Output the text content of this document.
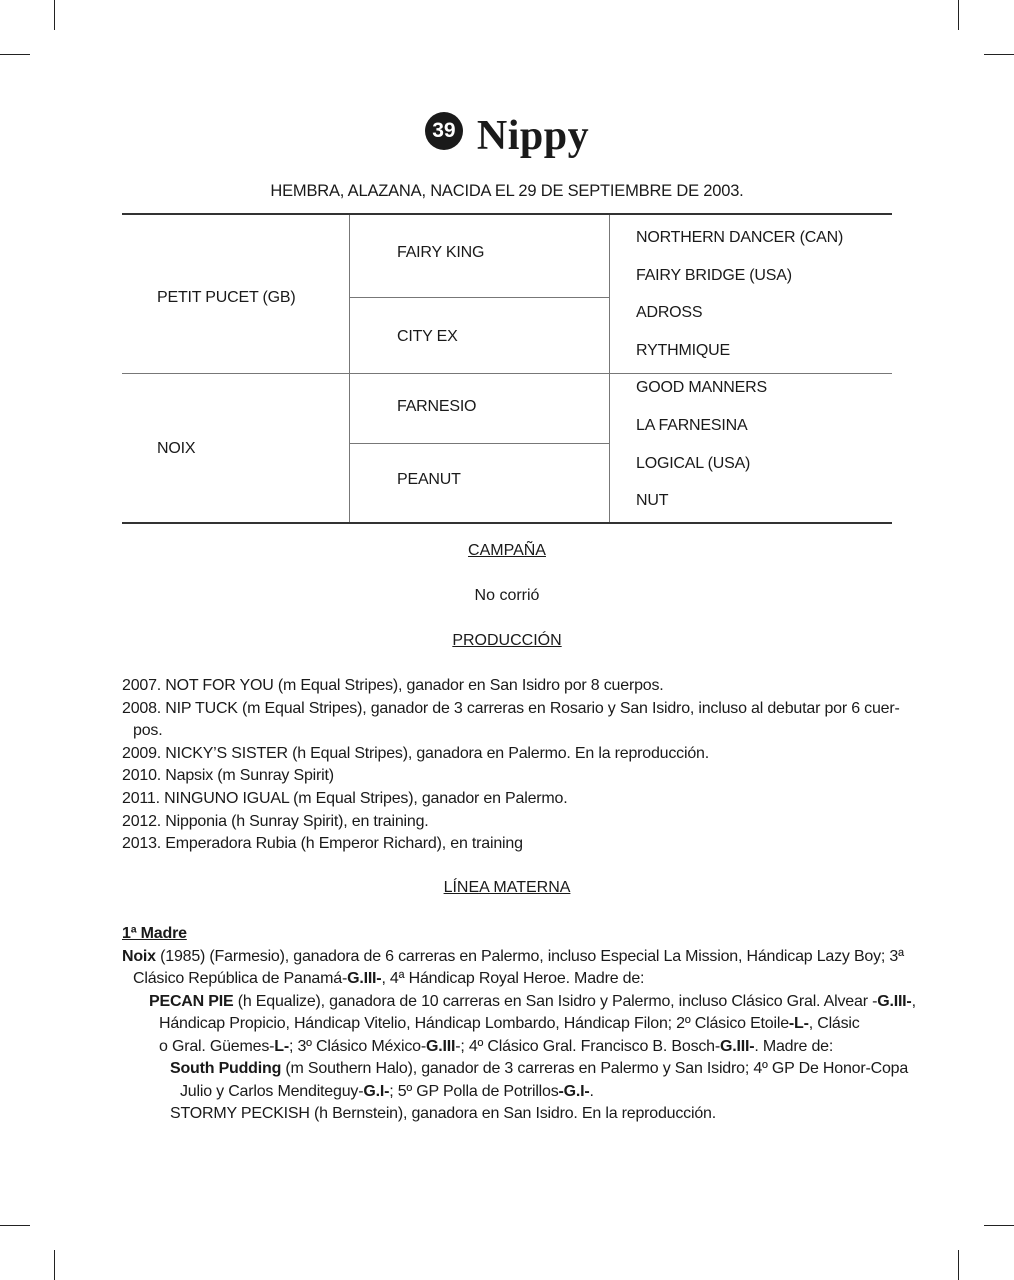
39 Nippy
HEMBRA, ALAZANA, NACIDA EL 29 DE SEPTIEMBRE DE 2003.
PETIT PUCET (GB)
NOIX
FAIRY KING
CITY EX
FARNESIO
PEANUT
NORTHERN DANCER (CAN)
FAIRY BRIDGE (USA)
ADROSS
RYTHMIQUE
GOOD MANNERS
LA FARNESINA
LOGICAL (USA)
NUT
CAMPAÑA
No corrió
PRODUCCIÓN
2007. NOT FOR YOU (m Equal Stripes), ganador en San Isidro por 8 cuerpos.
2008. NIP TUCK (m Equal Stripes), ganador de 3 carreras en Rosario y San Isidro, incluso al debutar por 6 cuer-
pos.
2009. NICKY’S SISTER (h Equal Stripes), ganadora en Palermo. En la reproducción.
2010. Napsix (m Sunray Spirit)
2011. NINGUNO IGUAL (m Equal Stripes), ganador en Palermo.
2012. Nipponia (h Sunray Spirit), en training.
2013. Emperadora Rubia (h Emperor Richard), en training
LÍNEA MATERNA
1ª Madre
Noix (1985) (Farmesio), ganadora de 6 carreras en Palermo, incluso Especial La Mission, Hándicap Lazy Boy; 3ª
Clásico República de Panamá-G.III-, 4ª Hándicap Royal Heroe. Madre de:
PECAN PIE (h Equalize), ganadora de 10 carreras en San Isidro y Palermo, incluso Clásico Gral. Alvear -G.III-,
Hándicap Propicio, Hándicap Vitelio, Hándicap Lombardo, Hándicap Filon; 2º Clásico Etoile-L-, Clásic
o Gral. Güemes-L-; 3º Clásico México-G.III-; 4º Clásico Gral. Francisco B. Bosch-G.III-. Madre de:
South Pudding (m Southern Halo), ganador de 3 carreras en Palermo y San Isidro; 4º GP De Honor-Copa
Julio y Carlos Menditeguy-G.I-; 5º GP Polla de Potrillos-G.I-.
STORMY PECKISH (h Bernstein), ganadora en San Isidro. En la reproducción.
